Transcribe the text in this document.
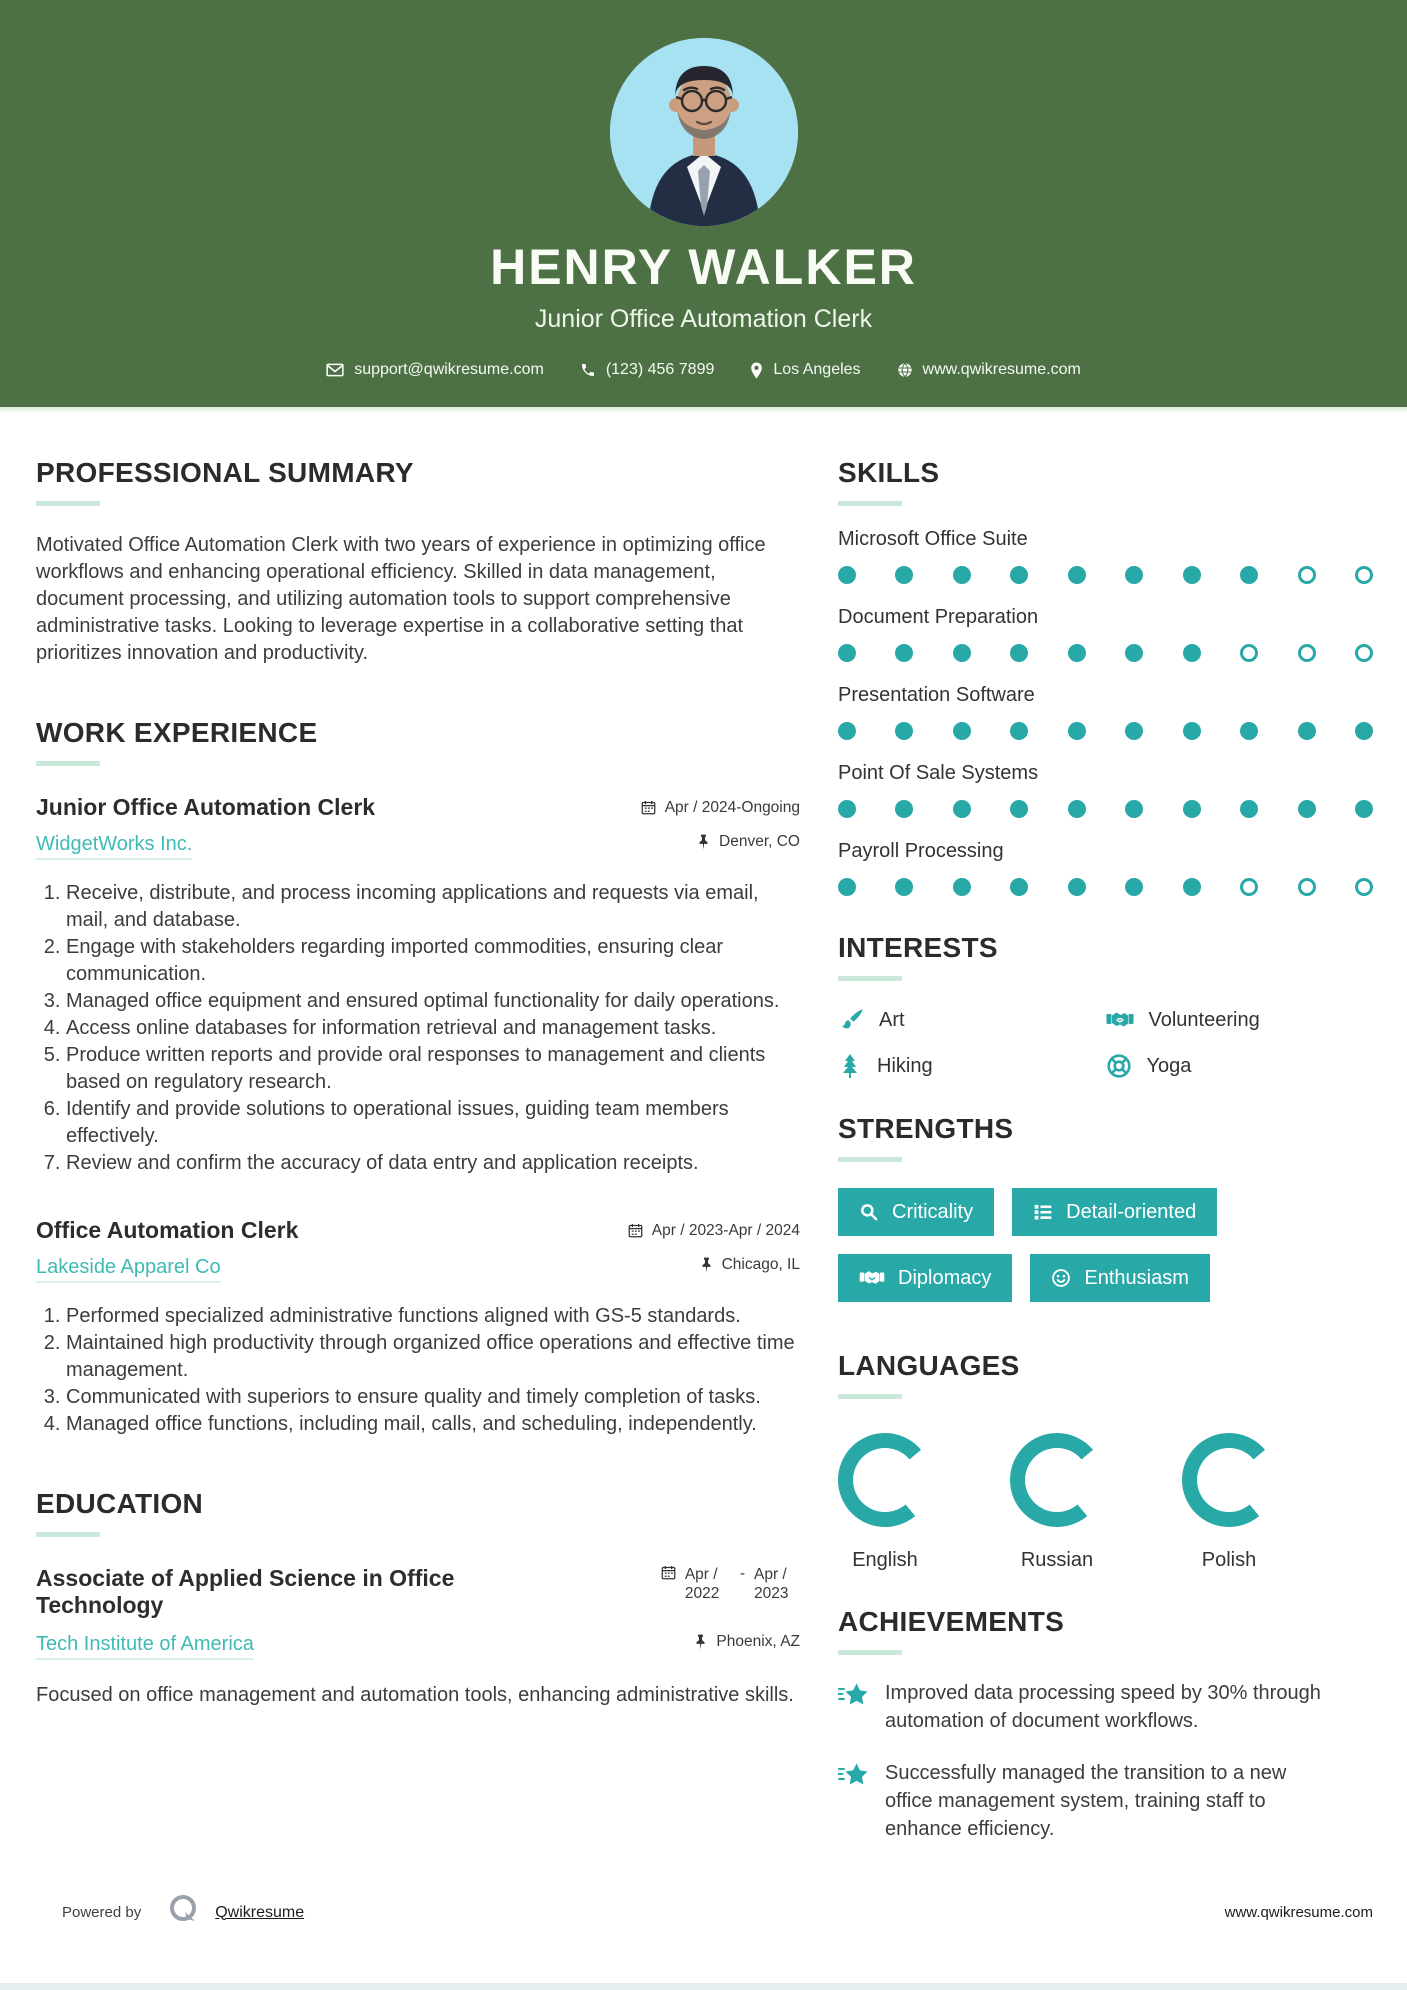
HENRY WALKER
Junior Office Automation Clerk
support@qwikresume.com	(123) 456 7899	Los Angeles	www.qwikresume.com
PROFESSIONAL SUMMARY

Motivated Office Automation Clerk with two years of experience in optimizing office workflows and enhancing operational efficiency. Skilled in data management, document processing, and utilizing automation tools to support comprehensive administrative tasks. Looking to leverage expertise in a collaborative setting that prioritizes innovation and productivity.

WORK EXPERIENCE
Junior Office Automation Clerk	Apr / 2024-Ongoing
WidgetWorks Inc.	Denver, CO
1. Receive, distribute, and process incoming applications and requests via email, mail, and database.
2. Engage with stakeholders regarding imported commodities, ensuring clear communication.
3. Managed office equipment and ensured optimal functionality for daily operations.
4. Access online databases for information retrieval and management tasks.
5. Produce written reports and provide oral responses to management and clients based on regulatory research.
6. Identify and provide solutions to operational issues, guiding team members effectively.
7. Review and confirm the accuracy of data entry and application receipts.
Office Automation Clerk	Apr / 2023-Apr / 2024
Lakeside Apparel Co	Chicago, IL
1. Performed specialized administrative functions aligned with GS-5 standards.
2. Maintained high productivity through organized office operations and effective time management.
3. Communicated with superiors to ensure quality and timely completion of tasks.
4. Managed office functions, including mail, calls, and scheduling, independently.
EDUCATION
Associate of Applied Science in Office Technology
Apr / 2022
- Apr / 2023
Tech Institute of America	Phoenix, AZ

Focused on office management and automation tools, enhancing administrative skills.

SKILLS
Microsoft Office Suite
Document Preparation
Presentation Software
Point Of Sale Systems
Payroll Processing
INTERESTS
Art	Volunteering
Hiking	Yoga
STRENGTHS
Criticality	Detail-oriented
Diplomacy	Enthusiasm
LANGUAGES
English	Russian	Polish
ACHIEVEMENTS

Improved data processing speed by 30% through automation of document workflows.

Successfully managed the transition to a new office management system, training staff to enhance efficiency.

Powered by	Qwikresume	www.qwikresume.com
